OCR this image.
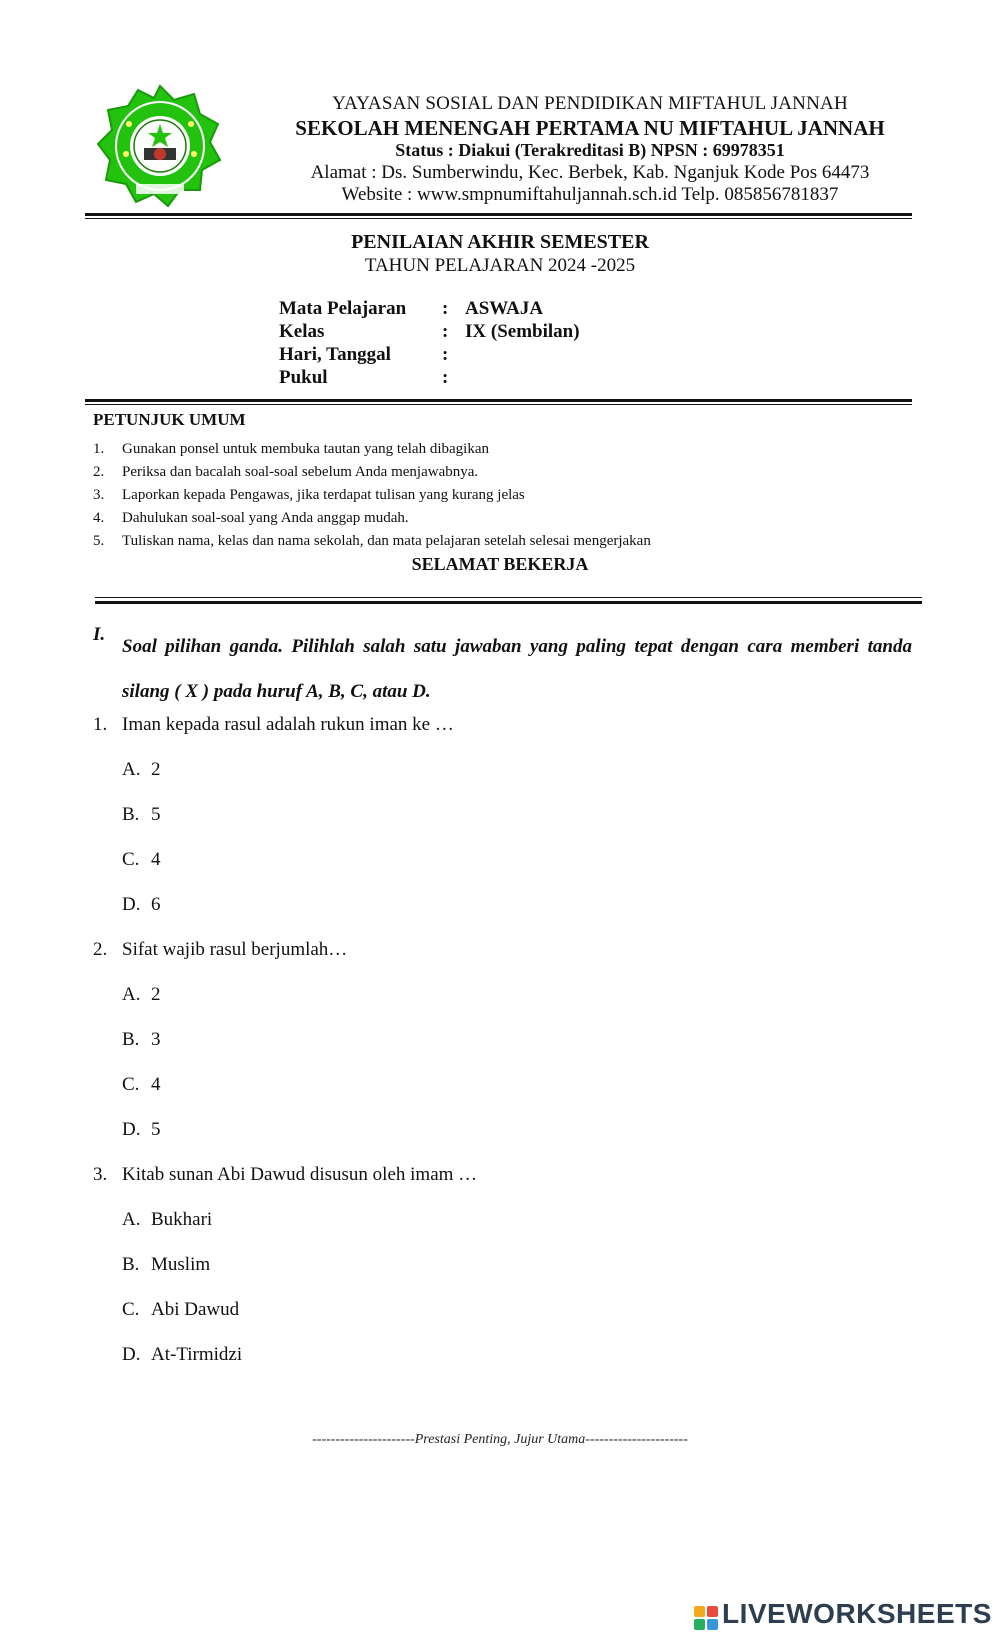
YAYASAN SOSIAL DAN PENDIDIKAN MIFTAHUL JANNAH
SEKOLAH MENENGAH PERTAMA NU MIFTAHUL JANNAH
Status : Diakui (Terakreditasi B) NPSN : 69978351
Alamat : Ds. Sumberwindu, Kec. Berbek, Kab. Nganjuk Kode Pos 64473
Website : www.smpnumiftahuljannah.sch.id Telp. 085856781837
PENILAIAN AKHIR SEMESTER
TAHUN PELAJARAN 2024 -2025
Mata Pelajaran : ASWAJA
Kelas	: IX (Sembilan)
Hari, Tanggal	:
Pukul	:
PETUNJUK UMUM
1. Gunakan ponsel untuk membuka tautan yang telah dibagikan
2. Periksa dan bacalah soal-soal sebelum Anda menjawabnya.
3. Laporkan kepada Pengawas, jika terdapat tulisan yang kurang jelas
4. Dahulukan soal-soal yang Anda anggap mudah.
5. Tuliskan nama, kelas dan nama sekolah, dan mata pelajaran setelah selesai mengerjakan
SELAMAT BEKERJA
I.
Soal pilihan ganda. Pilihlah salah satu jawaban yang paling tepat dengan cara memberi tanda silang ( X ) pada huruf A, B, C, atau D.
1. Iman kepada rasul adalah rukun iman ke …
A. 2
B. 5
C. 4
D. 6
2. Sifat wajib rasul berjumlah…
A. 2
B. 3
C. 4
D. 5
3. Kitab sunan Abi Dawud disusun oleh imam …
A. Bukhari
B. Muslim
C. Abi Dawud
D. At-Tirmidzi
----------------------Prestasi Penting, Jujur Utama----------------------
LIVEWORKSHEETS
